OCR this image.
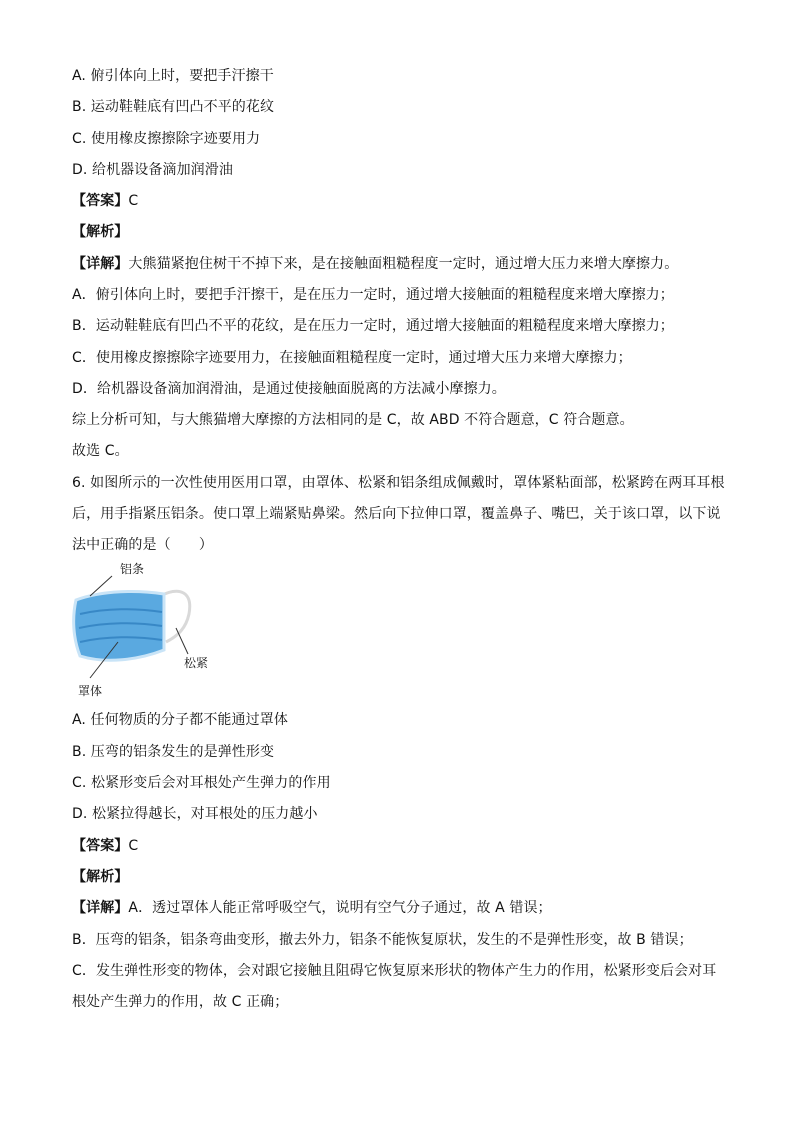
A. 俯引体向上时，要把手汗擦干
B. 运动鞋鞋底有凹凸不平的花纹
C. 使用橡皮擦擦除字迹要用力
D. 给机器设备滴加润滑油
【答案】C
【解析】
【详解】大熊猫紧抱住树干不掉下来，是在接触面粗糙程度一定时，通过增大压力来增大摩擦力。
A．俯引体向上时，要把手汗擦干，是在压力一定时，通过增大接触面的粗糙程度来增大摩擦力；
B．运动鞋鞋底有凹凸不平的花纹，是在压力一定时，通过增大接触面的粗糙程度来增大摩擦力；
C．使用橡皮擦擦除字迹要用力，在接触面粗糙程度一定时，通过增大压力来增大摩擦力；
D．给机器设备滴加润滑油，是通过使接触面脱离的方法减小摩擦力。
综上分析可知，与大熊猫增大摩擦的方法相同的是 C，故 ABD 不符合题意，C 符合题意。
故选 C。
6. 如图所示的一次性使用医用口罩，由罩体、松紧和铝条组成佩戴时，罩体紧粘面部，松紧跨在两耳耳根
后，用手指紧压铝条。使口罩上端紧贴鼻梁。然后向下拉伸口罩，覆盖鼻子、嘴巴，关于该口罩，以下说
法中正确的是（　　）
铝条
松紧
罩体
A. 任何物质的分子都不能通过罩体
B. 压弯的铝条发生的是弹性形变
C. 松紧形变后会对耳根处产生弹力的作用
D. 松紧拉得越长，对耳根处的压力越小
【答案】C
【解析】
【详解】A．透过罩体人能正常呼吸空气，说明有空气分子通过，故 A 错误；
B．压弯的铝条，铝条弯曲变形，撤去外力，铝条不能恢复原状，发生的不是弹性形变，故 B 错误；
C．发生弹性形变的物体，会对跟它接触且阻碍它恢复原来形状的物体产生力的作用，松紧形变后会对耳
根处产生弹力的作用，故 C 正确；
